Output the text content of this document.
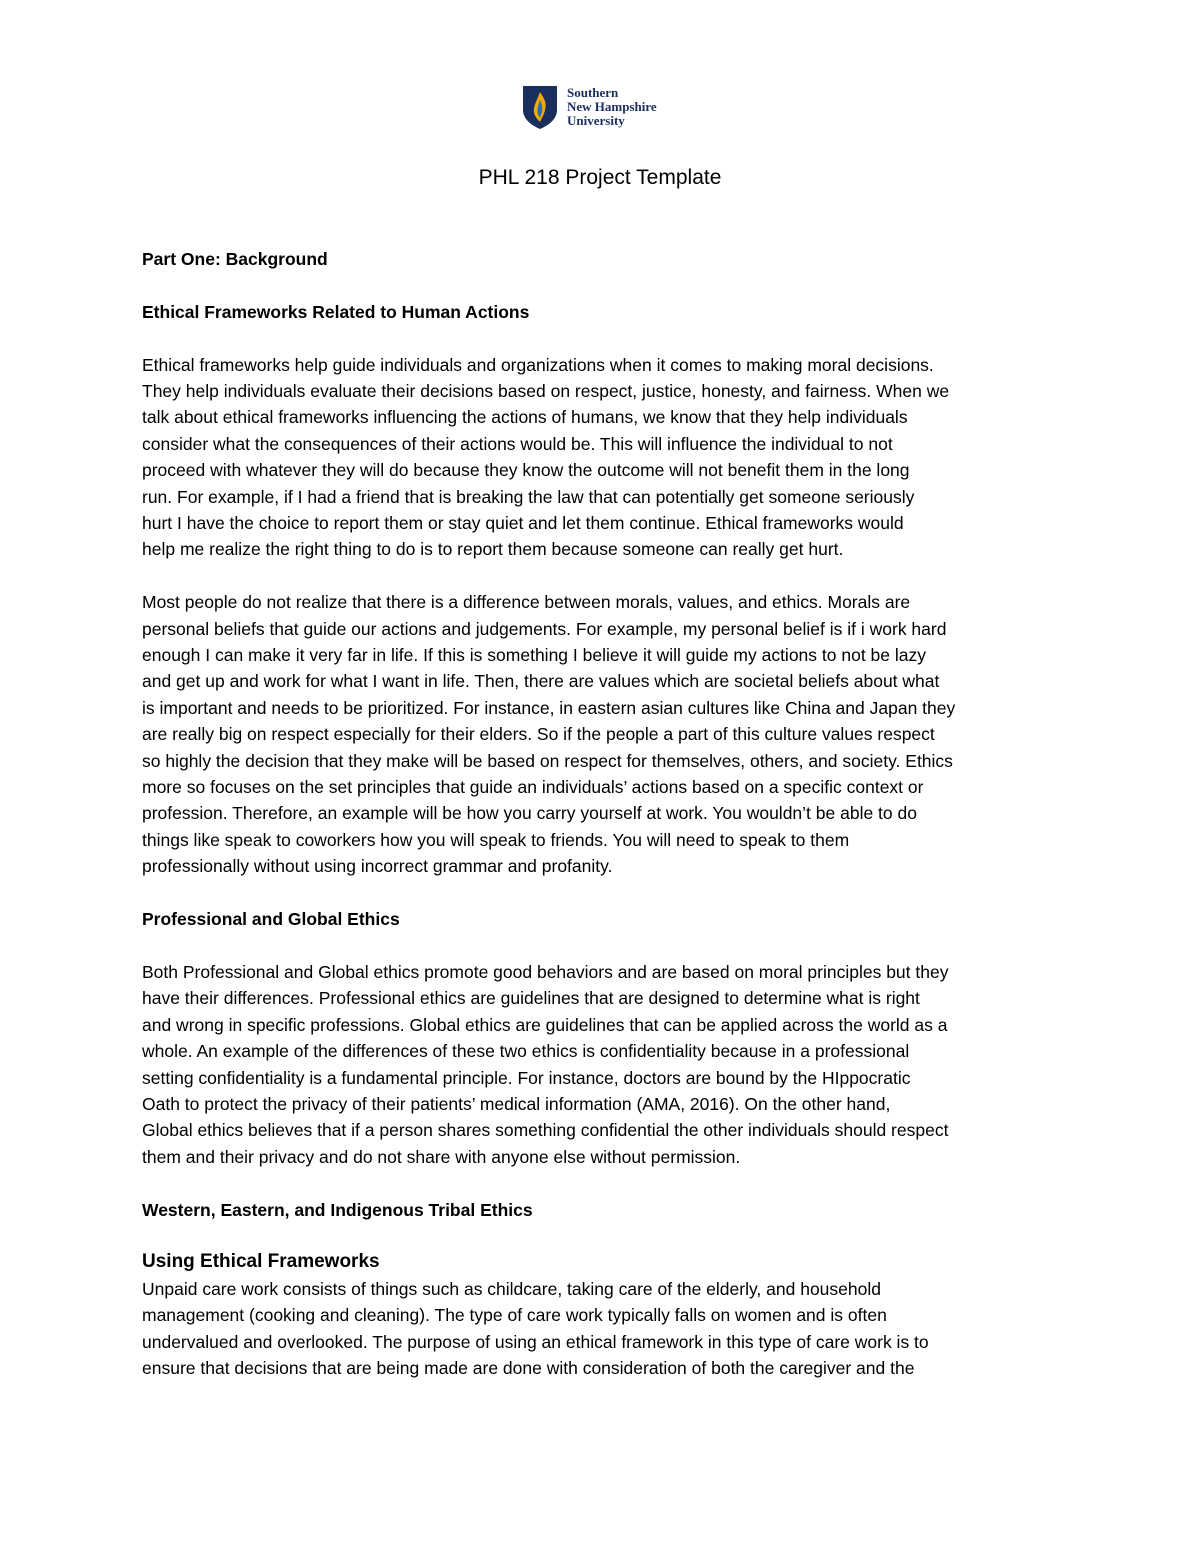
Southern
New Hampshire
University
PHL 218 Project Template
Part One: Background
Ethical Frameworks Related to Human Actions
Ethical frameworks help guide individuals and organizations when it comes to making moral decisions.
They help individuals evaluate their decisions based on respect, justice, honesty, and fairness. When we
talk about ethical frameworks influencing the actions of humans, we know that they help individuals
consider what the consequences of their actions would be. This will influence the individual to not
proceed with whatever they will do because they know the outcome will not benefit them in the long
run. For example, if I had a friend that is breaking the law that can potentially get someone seriously
hurt I have the choice to report them or stay quiet and let them continue. Ethical frameworks would
help me realize the right thing to do is to report them because someone can really get hurt.
Most people do not realize that there is a difference between morals, values, and ethics. Morals are
personal beliefs that guide our actions and judgements. For example, my personal belief is if i work hard
enough I can make it very far in life. If this is something I believe it will guide my actions to not be lazy
and get up and work for what I want in life. Then, there are values which are societal beliefs about what
is important and needs to be prioritized. For instance, in eastern asian cultures like China and Japan they
are really big on respect especially for their elders. So if the people a part of this culture values respect
so highly the decision that they make will be based on respect for themselves, others, and society. Ethics
more so focuses on the set principles that guide an individuals’ actions based on a specific context or
profession. Therefore, an example will be how you carry yourself at work. You wouldn’t be able to do
things like speak to coworkers how you will speak to friends. You will need to speak to them
professionally without using incorrect grammar and profanity.
Professional and Global Ethics
Both Professional and Global ethics promote good behaviors and are based on moral principles but they
have their differences. Professional ethics are guidelines that are designed to determine what is right
and wrong in specific professions. Global ethics are guidelines that can be applied across the world as a
whole. An example of the differences of these two ethics is confidentiality because in a professional
setting confidentiality is a fundamental principle. For instance, doctors are bound by the HIppocratic
Oath to protect the privacy of their patients’ medical information (AMA, 2016). On the other hand,
Global ethics believes that if a person shares something confidential the other individuals should respect
them and their privacy and do not share with anyone else without permission.
Western, Eastern, and Indigenous Tribal Ethics
Using Ethical Frameworks
Unpaid care work consists of things such as childcare, taking care of the elderly, and household
management (cooking and cleaning). The type of care work typically falls on women and is often
undervalued and overlooked. The purpose of using an ethical framework in this type of care work is to
ensure that decisions that are being made are done with consideration of both the caregiver and the
